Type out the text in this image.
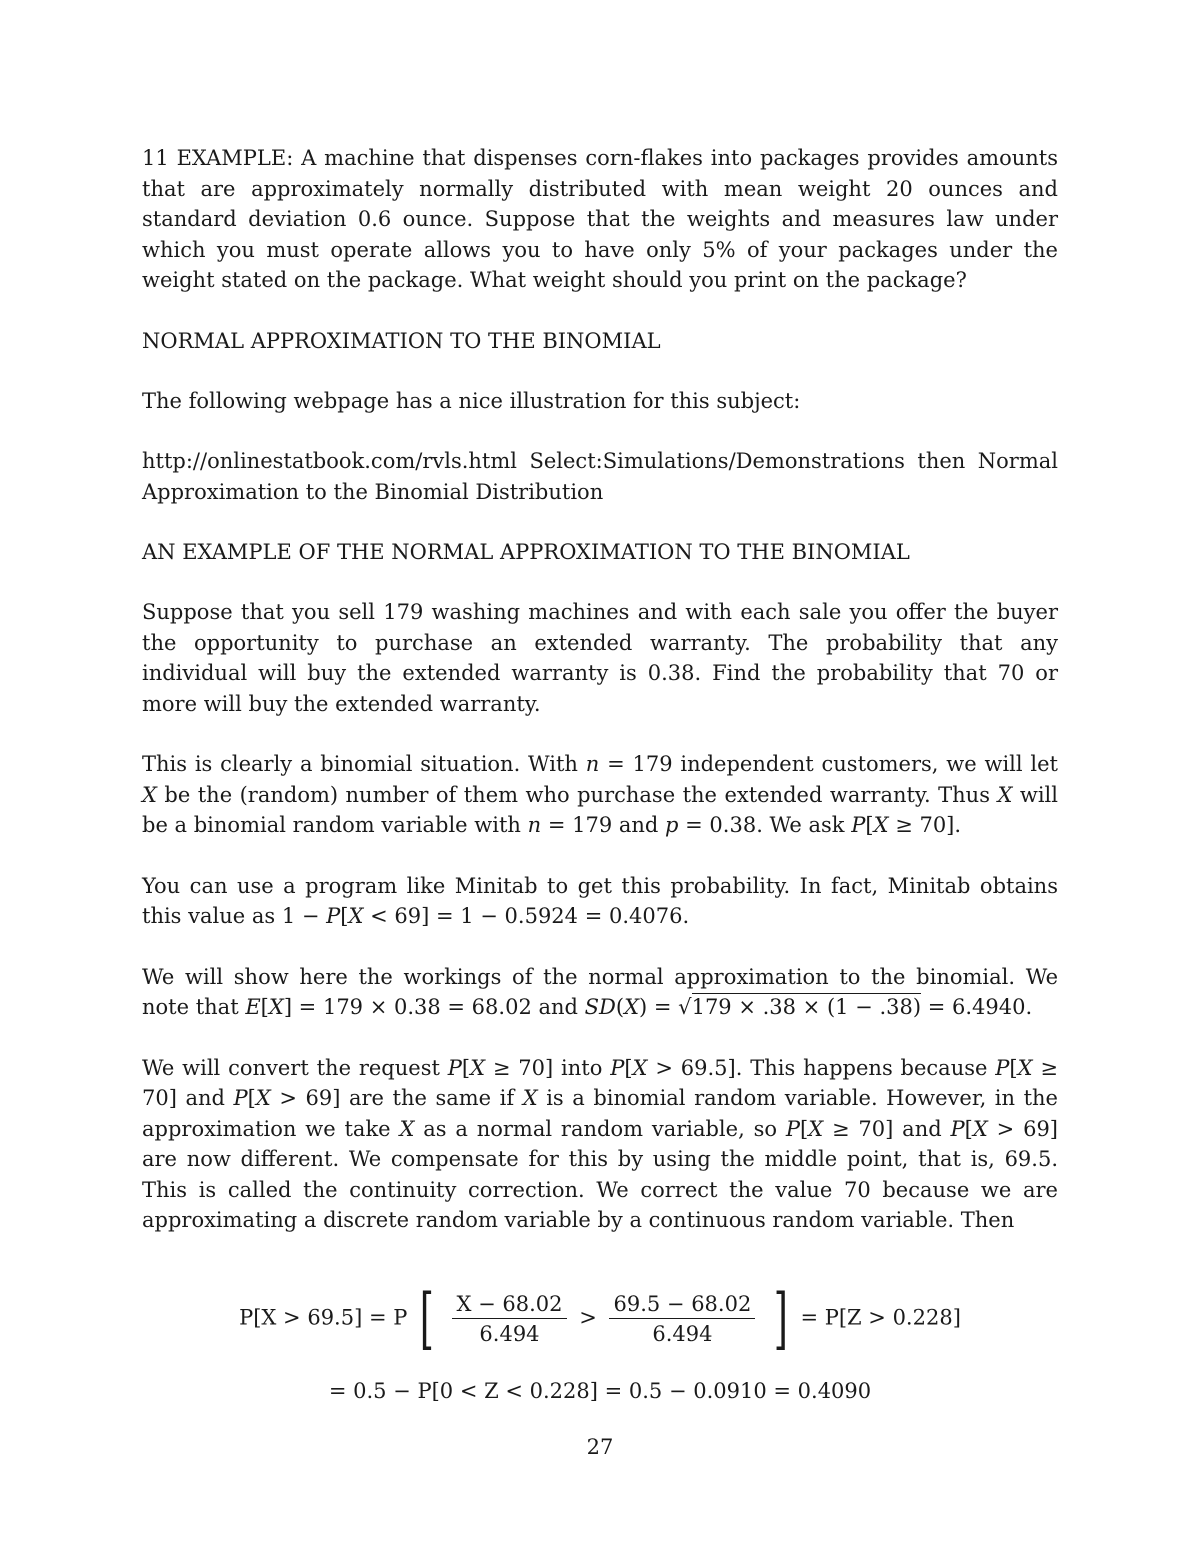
11 EXAMPLE: A machine that dispenses corn-flakes into packages provides amounts that are approximately normally distributed with mean weight 20 ounces and standard deviation 0.6 ounce. Suppose that the weights and measures law under which you must operate allows you to have only 5% of your packages under the weight stated on the package. What weight should you print on the package?

NORMAL APPROXIMATION TO THE BINOMIAL

The following webpage has a nice illustration for this subject:

http://onlinestatbook.com/rvls.html Select:Simulations/Demonstrations then Normal Approximation to the Binomial Distribution

AN EXAMPLE OF THE NORMAL APPROXIMATION TO THE BINOMIAL

Suppose that you sell 179 washing machines and with each sale you offer the buyer the opportunity to purchase an extended warranty. The probability that any individual will buy the extended warranty is 0.38. Find the probability that 70 or more will buy the extended warranty.

This is clearly a binomial situation. With n = 179 independent customers, we will let X be the (random) number of them who purchase the extended warranty. Thus X will be a binomial random variable with n = 179 and p = 0.38. We ask P[X ≥ 70].

You can use a program like Minitab to get this probability. In fact, Minitab obtains this value as 1 − P[X < 69] = 1 − 0.5924 = 0.4076.

We will show here the workings of the normal approximation to the binomial. We note that E[X] = 179 × 0.38 = 68.02 and SD(X) = √179 × .38 × (1 − .38) = 6.4940.

We will convert the request P[X ≥ 70] into P[X > 69.5]. This happens because P[X ≥ 70] and P[X > 69] are the same if X is a binomial random variable. However, in the approximation we take X as a normal random variable, so P[X ≥ 70] and P[X > 69] are now different. We compensate for this by using the middle point, that is, 69.5. This is called the continuity correction. We correct the value 70 because we are approximating a discrete random variable by a continuous random variable. Then

P[X > 69.5] = P [ $\frac{X - 68.02}{6.494} > \frac{69.5 - 68.02}{6.494}$ ] = P[Z > 0.228]
= 0.5 − P[0 < Z < 0.228] = 0.5 − 0.0910 = 0.4090
27
